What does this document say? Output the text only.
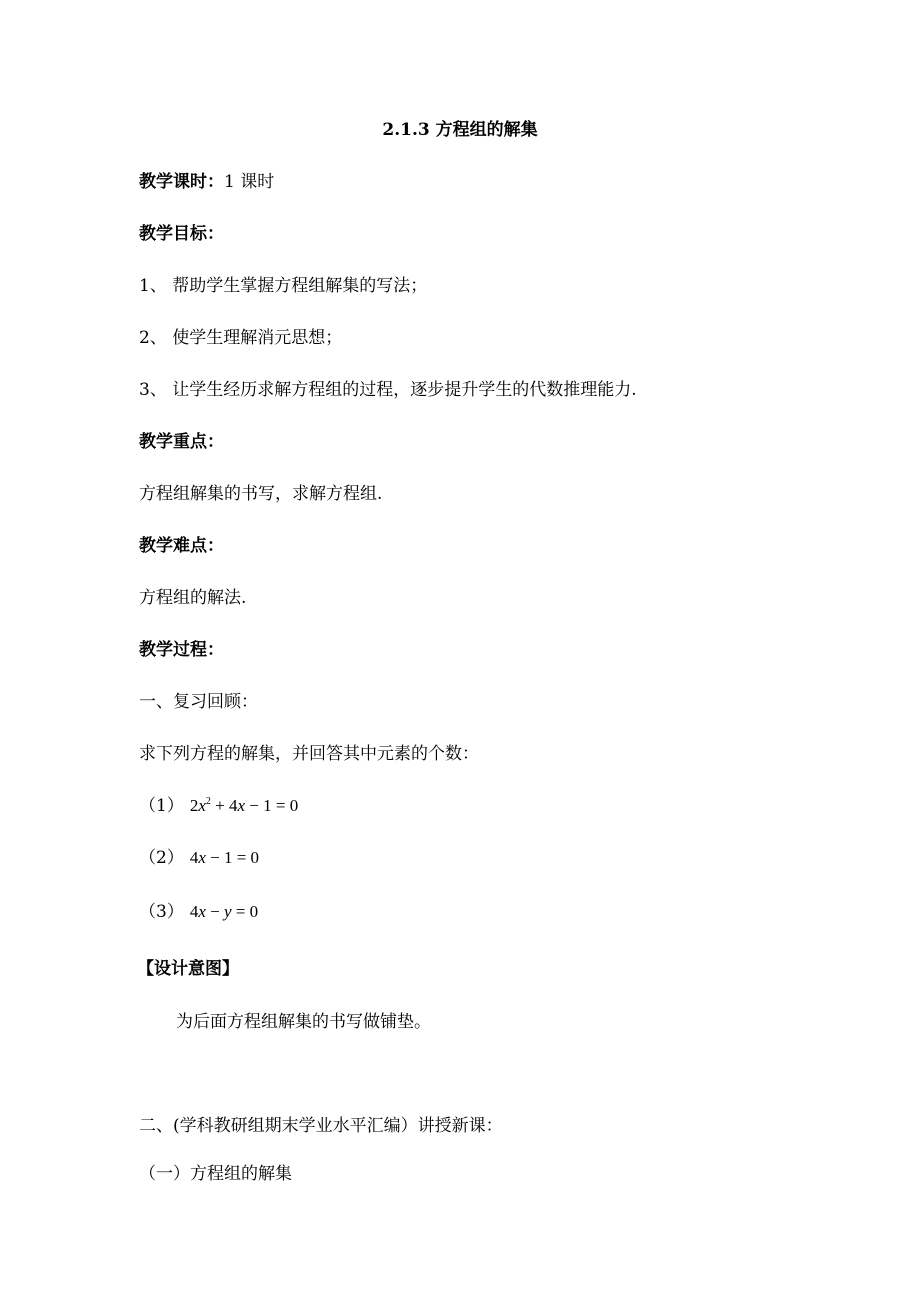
2.1.3 方程组的解集
教学课时：1 课时
教学目标：
1、 帮助学生掌握方程组解集的写法；
2、 使学生理解消元思想；
3、 让学生经历求解方程组的过程，逐步提升学生的代数推理能力.
教学重点：
方程组解集的书写，求解方程组.
教学难点：
方程组的解法.
教学过程：
一、复习回顾：
求下列方程的解集，并回答其中元素的个数：
（1） $2x^2 + 4x - 1 = 0$
（2） 4x − 1 = 0
（3） 4x − y = 0
【设计意图】
为后面方程组解集的书写做铺垫。
二、(学科教研组期末学业水平汇编）讲授新课：
（一）方程组的解集
